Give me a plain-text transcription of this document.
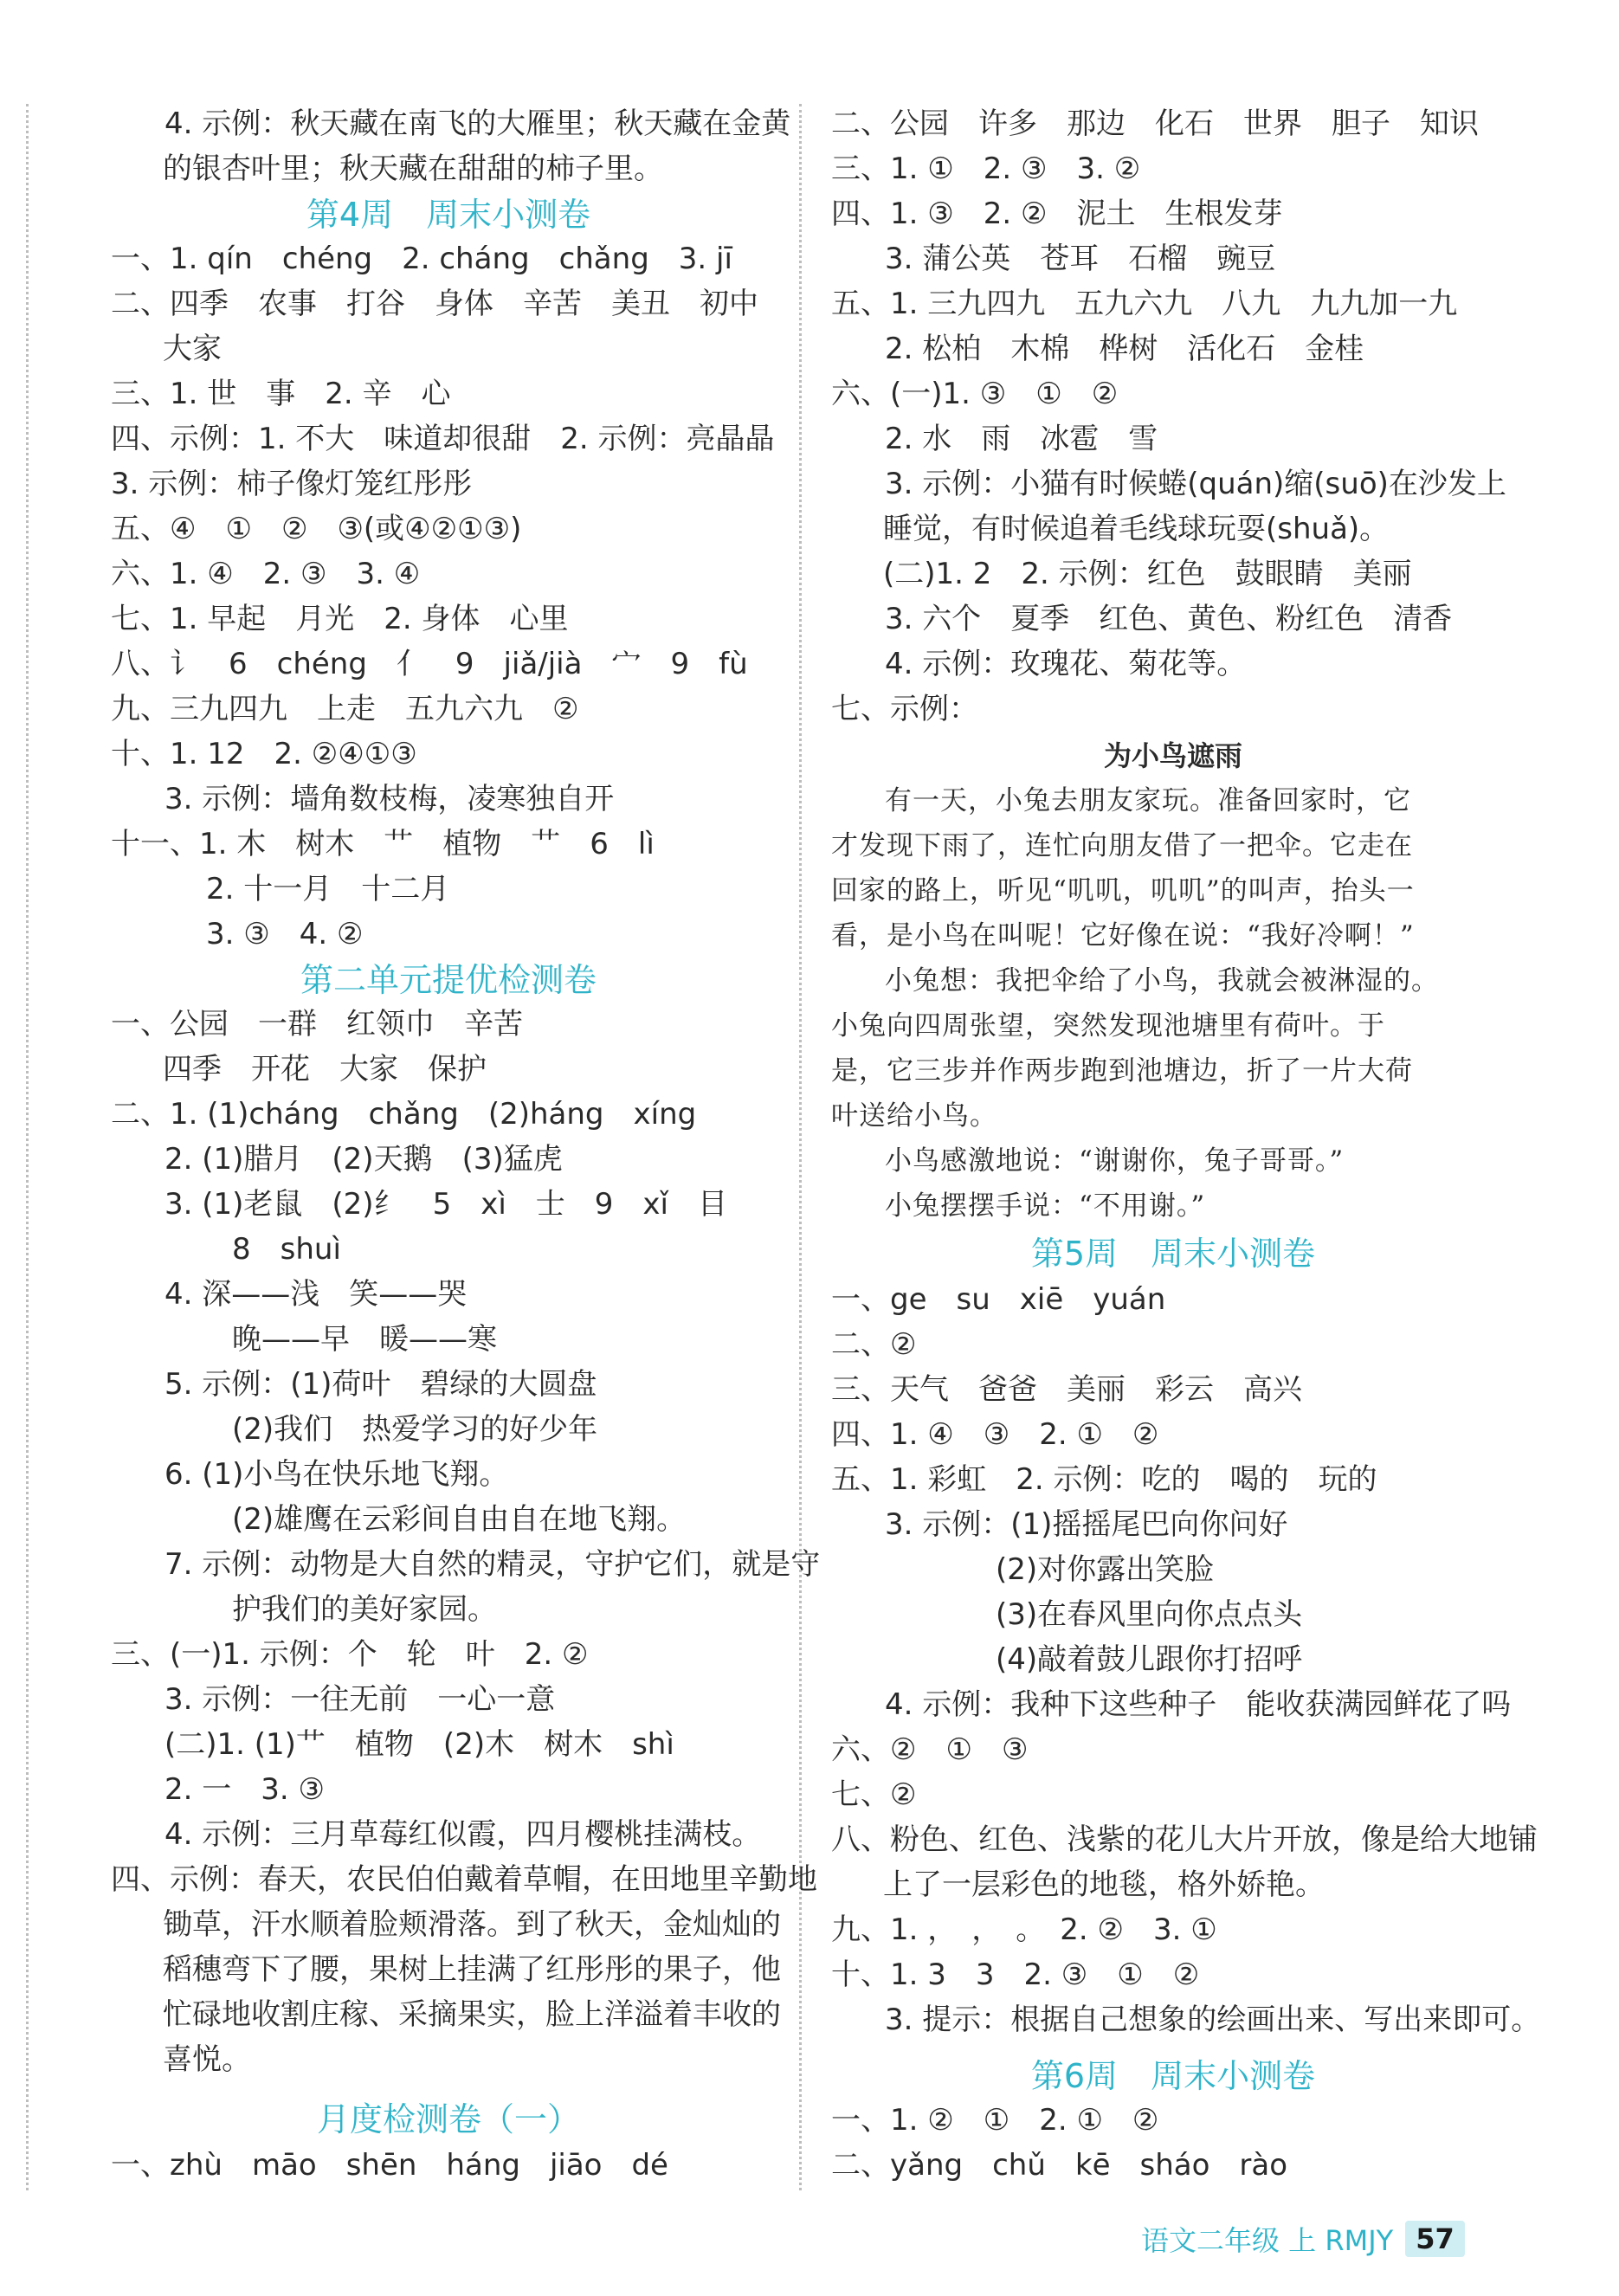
4. 示例：秋天藏在南飞的大雁里；秋天藏在金黄
的银杏叶里；秋天藏在甜甜的柿子里。
第4周　周末小测卷
一、1. qín　chéng　2. cháng　chǎng　3. jī
二、四季　农事　打谷　身体　辛苦　美丑　初中
大家
三、1. 世　事　2. 辛　心
四、示例：1. 不大　味道却很甜　2. 示例：亮晶晶
3. 示例：柿子像灯笼红彤彤
五、④　①　②　③(或④②①③)
六、1. ④　2. ③　3. ④
七、1. 早起　月光　2. 身体　心里
八、讠　6　chéng　亻　9　jiǎ/jià　宀　9　fù
九、三九四九　上走　五九六九　②
十、1. 12　2. ②④①③
3. 示例：墙角数枝梅，凌寒独自开
十一、1. 木　树木　艹　植物　艹　6　lì
2. 十一月　十二月
3. ③　4. ②
第二单元提优检测卷
一、公园　一群　红领巾　辛苦
四季　开花　大家　保护
二、1. (1)cháng　chǎng　(2)háng　xíng
2. (1)腊月　(2)天鹅　(3)猛虎
3. (1)老鼠　(2)纟　5　xì　士　9　xǐ　目
8　shuì
4. 深——浅　笑——哭
晚——早　暖——寒
5. 示例：(1)荷叶　碧绿的大圆盘
(2)我们　热爱学习的好少年
6. (1)小鸟在快乐地飞翔。
(2)雄鹰在云彩间自由自在地飞翔。
7. 示例：动物是大自然的精灵，守护它们，就是守
护我们的美好家园。
三、(一)1. 示例：个　轮　叶　2. ②
3. 示例：一往无前　一心一意
(二)1. (1)艹　植物　(2)木　树木　shì
2. 一　3. ③
4. 示例：三月草莓红似霞，四月樱桃挂满枝。
四、示例：春天，农民伯伯戴着草帽，在田地里辛勤地
锄草，汗水顺着脸颊滑落。到了秋天，金灿灿的
稻穗弯下了腰，果树上挂满了红彤彤的果子，他
忙碌地收割庄稼、采摘果实，脸上洋溢着丰收的
喜悦。
月度检测卷（一）
一、zhù　māo　shēn　háng　jiāo　dé
二、公园　许多　那边　化石　世界　胆子　知识
三、1. ①　2. ③　3. ②
四、1. ③　2. ②　泥土　生根发芽
3. 蒲公英　苍耳　石榴　豌豆
五、1. 三九四九　五九六九　八九　九九加一九
2. 松柏　木棉　桦树　活化石　金桂
六、(一)1. ③　①　②
2. 水　雨　冰雹　雪
3. 示例：小猫有时候蜷(quán)缩(suō)在沙发上
睡觉，有时候追着毛线球玩耍(shuǎ)。
(二)1. 2　2. 示例：红色　鼓眼睛　美丽
3. 六个　夏季　红色、黄色、粉红色　清香
4. 示例：玫瑰花、菊花等。
七、示例：
为小鸟遮雨
有一天，小兔去朋友家玩。准备回家时，它
才发现下雨了，连忙向朋友借了一把伞。它走在
回家的路上，听见“叽叽，叽叽”的叫声，抬头一
看，是小鸟在叫呢！它好像在说：“我好冷啊！”
小兔想：我把伞给了小鸟，我就会被淋湿的。
小兔向四周张望，突然发现池塘里有荷叶。于
是，它三步并作两步跑到池塘边，折了一片大荷
叶送给小鸟。
小鸟感激地说：“谢谢你，兔子哥哥。”
小兔摆摆手说：“不用谢。”
第5周　周末小测卷
一、ge　su　xiē　yuán
二、②
三、天气　爸爸　美丽　彩云　高兴
四、1. ④　③　2. ①　②
五、1. 彩虹　2. 示例：吃的　喝的　玩的
3. 示例：(1)摇摇尾巴向你问好
(2)对你露出笑脸
(3)在春风里向你点点头
(4)敲着鼓儿跟你打招呼
4. 示例：我种下这些种子　能收获满园鲜花了吗
六、②　①　③
七、②
八、粉色、红色、浅紫的花儿大片开放，像是给大地铺
上了一层彩色的地毯，格外娇艳。
九、1. ，　，　。　2. ②　3. ①
十、1. 3　3　2. ③　①　②
3. 提示：根据自己想象的绘画出来、写出来即可。
第6周　周末小测卷
一、1. ②　①　2. ①　②
二、yǎng　chǔ　kē　sháo　rào
语文二年级 上 RMJY 57
